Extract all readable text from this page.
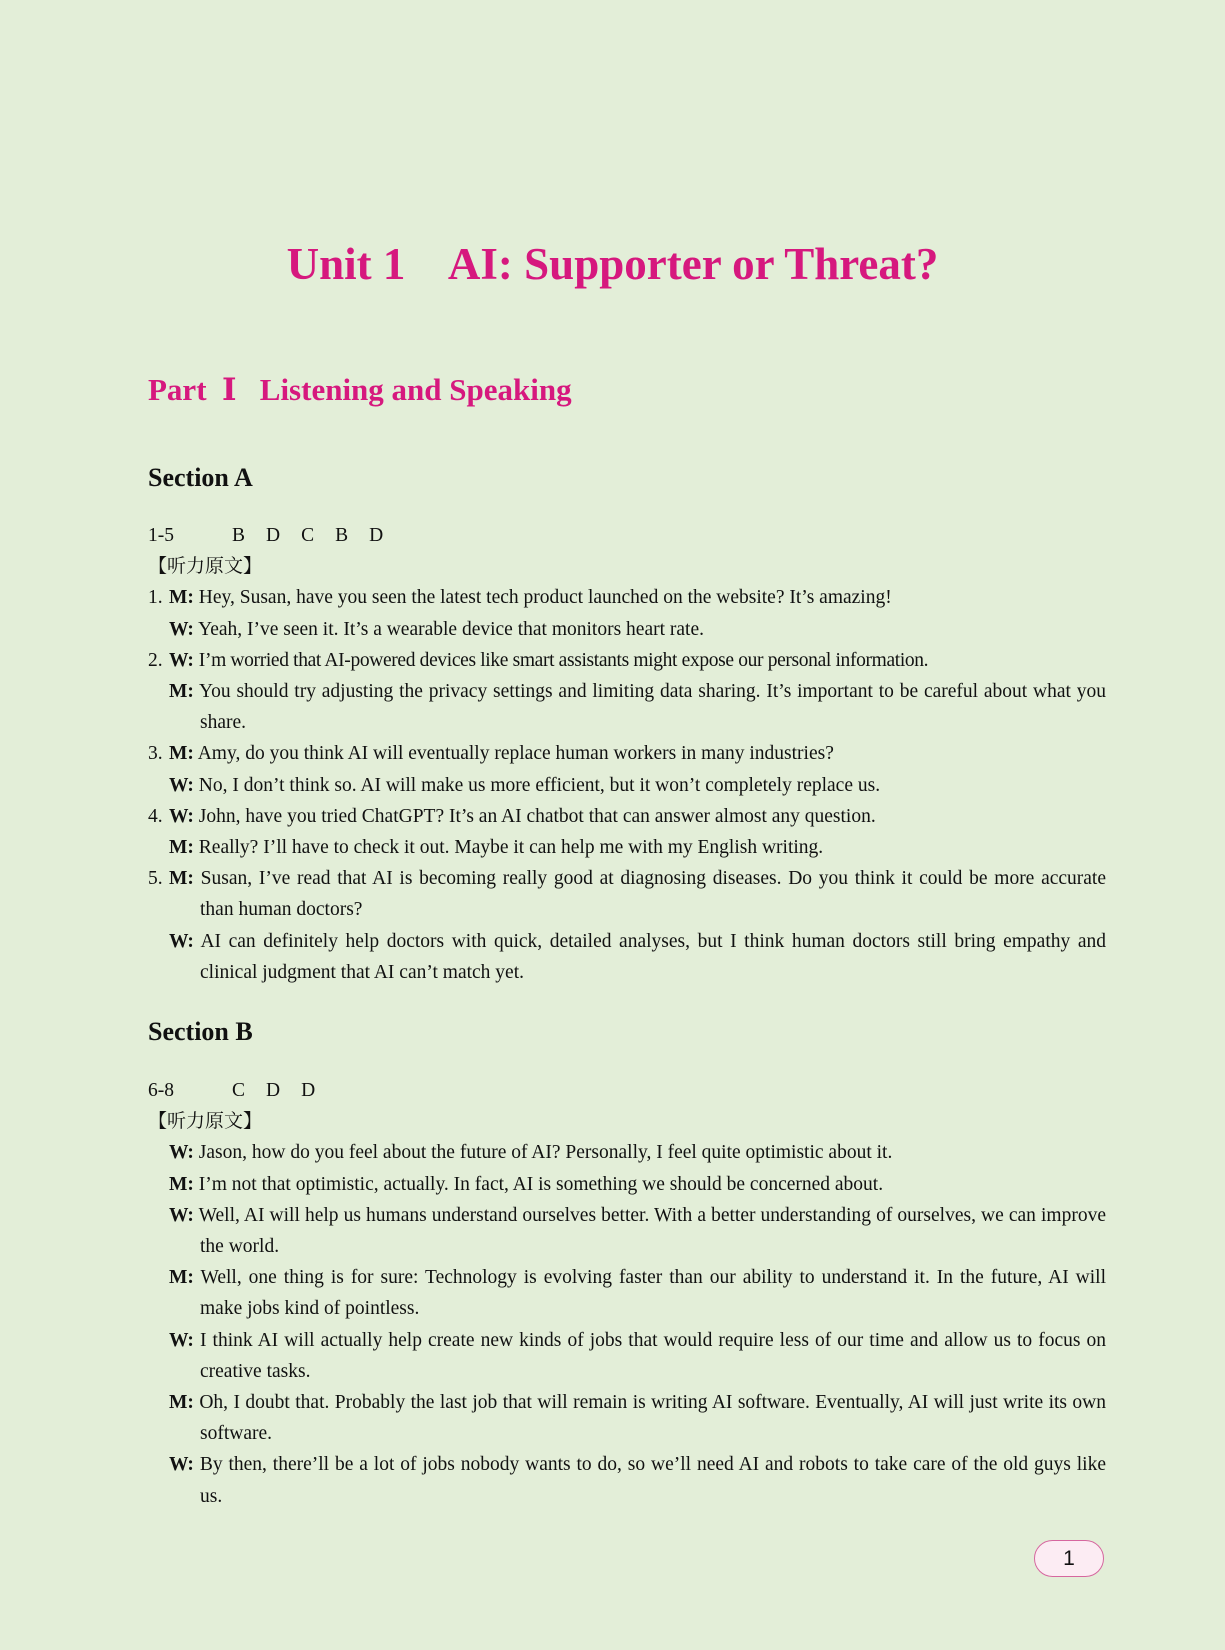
Unit 1    AI: Supporter or Threat?
Part  Ⅰ   Listening and Speaking
Section A
1-5	B D C B D
【听力原文】
1. M: Hey, Susan, have you seen the latest tech product launched on the website? It’s amazing!
W: Yeah, I’ve seen it. It’s a wearable device that monitors heart rate.
2. W: I’m worried that AI-powered devices like smart assistants might expose our personal information.
M: You should try adjusting the privacy settings and limiting data sharing. It’s important to be careful about what you share.
3. M: Amy, do you think AI will eventually replace human workers in many industries?
W: No, I don’t think so. AI will make us more efficient, but it won’t completely replace us.
4. W: John, have you tried ChatGPT? It’s an AI chatbot that can answer almost any question.
M: Really? I’ll have to check it out. Maybe it can help me with my English writing.
5. M: Susan, I’ve read that AI is becoming really good at diagnosing diseases. Do you think it could be more accurate than human doctors?
W: AI can definitely help doctors with quick, detailed analyses, but I think human doctors still bring empathy and clinical judgment that AI can’t match yet.
Section B
6-8	C D D
【听力原文】
W: Jason, how do you feel about the future of AI? Personally, I feel quite optimistic about it.
M: I’m not that optimistic, actually. In fact, AI is something we should be concerned about.
W: Well, AI will help us humans understand ourselves better. With a better understanding of ourselves, we can improve the world.
M: Well, one thing is for sure: Technology is evolving faster than our ability to understand it. In the future, AI will make jobs kind of pointless.
W: I think AI will actually help create new kinds of jobs that would require less of our time and allow us to focus on creative tasks.
M: Oh, I doubt that. Probably the last job that will remain is writing AI software. Eventually, AI will just write its own software.
W: By then, there’ll be a lot of jobs nobody wants to do, so we’ll need AI and robots to take care of the old guys like us.
1
